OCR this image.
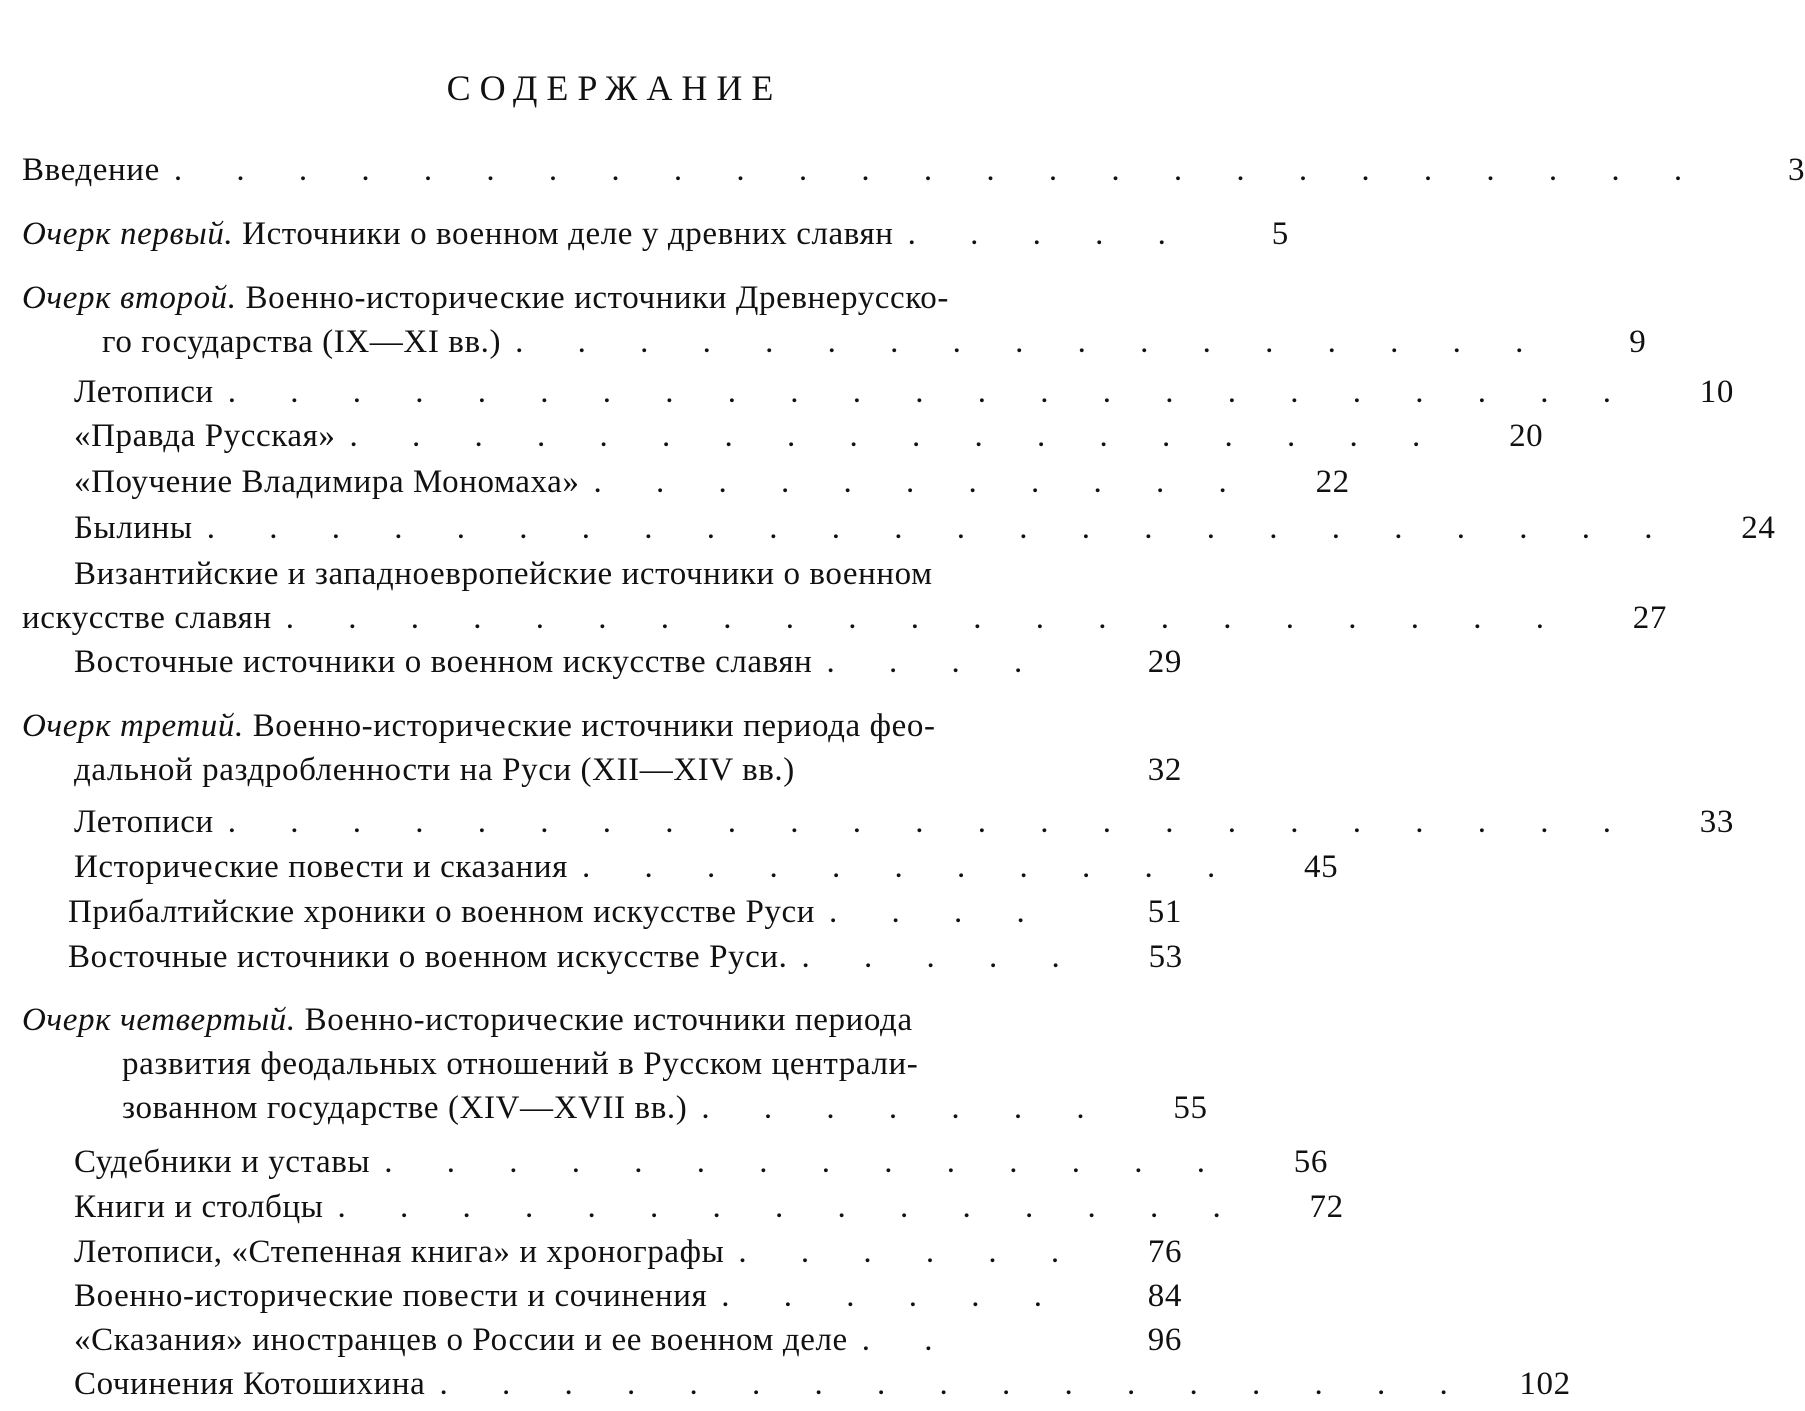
СОДЕРЖАНИЕ
Введение . . . . . . . . . . . . . . . . . . . . . . . . .	3
Очерк первый. Источники о военном деле у древних славян . . . . .	5
Очерк второй. Военно-исторические источники Древнерусско-
го государства (IX—XI вв.) . . . . . . . . . . . . . . . . .	9
Летописи . . . . . . . . . . . . . . . . . . . . . . .	10
«Правда Русская» . . . . . . . . . . . . . . . . . .	20
«Поучение Владимира Мономаха» . . . . . . . . . . .	22
Былины . . . . . . . . . . . . . . . . . . . . . . . .	24
Византийские и западноевропейские источники о военном
искусстве славян . . . . . . . . . . . . . . . . . . . . .	27
Восточные источники о военном искусстве славян . . . .	29
Очерк третий. Военно-исторические источники периода фео-
дальной раздробленности на Руси (XII—XIV вв.)	32
Летописи . . . . . . . . . . . . . . . . . . . . . . .	33
Исторические повести и сказания . . . . . . . . . . .	45
Прибалтийские хроники о военном искусстве Руси . . . .	51
Восточные источники о военном искусстве Руси. . . . . .	53
Очерк четвертый. Военно-исторические источники периода
развития феодальных отношений в Русском централи-
зованном государстве (XIV—XVII вв.) . . . . . . .	55
Судебники и уставы . . . . . . . . . . . . . .	56
Книги и столбцы . . . . . . . . . . . . . . .	72
Летописи, «Степенная книга» и хронографы . . . . . .	76
Военно-исторические повести и сочинения . . . . . .	84
«Сказания» иностранцев о России и ее военном деле . .	96
Сочинения Котошихина . . . . . . . . . . . . . . . . . 102
